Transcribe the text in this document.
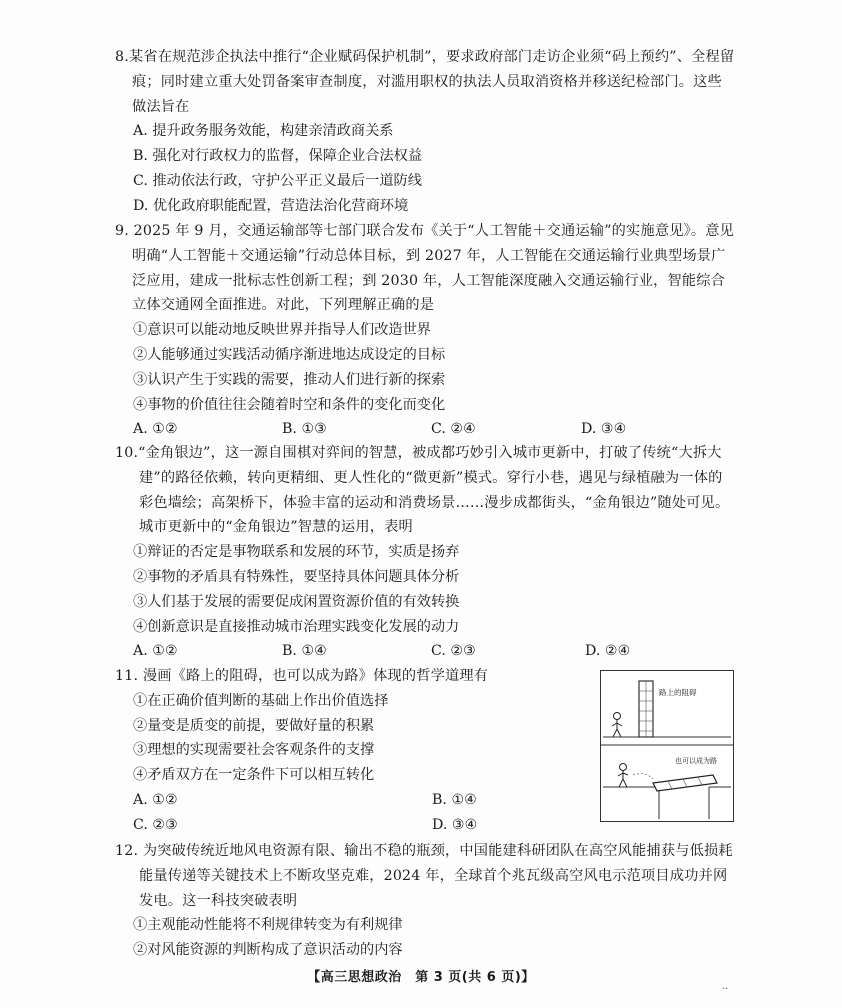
8.某省在规范涉企执法中推行“企业赋码保护机制”，要求政府部门走访企业须“码上预约”、全程留痕；同时建立重大处罚备案审查制度，对滥用职权的执法人员取消资格并移送纪检部门。这些做法旨在
A. 提升政务服务效能，构建亲清政商关系
B. 强化对行政权力的监督，保障企业合法权益
C. 推动依法行政，守护公平正义最后一道防线
D. 优化政府职能配置，营造法治化营商环境
9. 2025 年 9 月，交通运输部等七部门联合发布《关于“人工智能＋交通运输”的实施意见》。意见明确“人工智能＋交通运输”行动总体目标，到 2027 年，人工智能在交通运输行业典型场景广泛应用，建成一批标志性创新工程；到 2030 年，人工智能深度融入交通运输行业，智能综合立体交通网全面推进。对此，下列理解正确的是
①意识可以能动地反映世界并指导人们改造世界
②人能够通过实践活动循序渐进地达成设定的目标
③认识产生于实践的需要，推动人们进行新的探索
④事物的价值往往会随着时空和条件的变化而变化
A. ①②	B. ①③	C. ②④	D. ③④
10.“金角银边”，这一源自围棋对弈间的智慧，被成都巧妙引入城市更新中，打破了传统“大拆大建”的路径依赖，转向更精细、更人性化的“微更新”模式。穿行小巷，遇见与绿植融为一体的彩色墙绘；高架桥下，体验丰富的运动和消费场景……漫步成都街头，“金角银边”随处可见。城市更新中的“金角银边”智慧的运用，表明
①辩证的否定是事物联系和发展的环节，实质是扬弃
②事物的矛盾具有特殊性，要坚持具体问题具体分析
③人们基于发展的需要促成闲置资源价值的有效转换
④创新意识是直接推动城市治理实践变化发展的动力
A. ①②	B. ①④	C. ②③	D. ②④
11. 漫画《路上的阻碍，也可以成为路》体现的哲学道理有
①在正确价值判断的基础上作出价值选择
②量变是质变的前提，要做好量的积累
③理想的实现需要社会客观条件的支撑
④矛盾双方在一定条件下可以相互转化
A. ①②	B. ①④
C. ②③	D. ③④
路上的阻碍
也可以成为路
12. 为突破传统近地风电资源有限、输出不稳的瓶颈，中国能建科研团队在高空风能捕获与低损耗能量传递等关键技术上不断攻坚克难，2024 年，全球首个兆瓦级高空风电示范项目成功并网发电。这一科技突破表明
①主观能动性能将不利规律转变为有利规律
②对风能资源的判断构成了意识活动的内容
【高三思想政治　第 3 页(共 6 页)】
··
